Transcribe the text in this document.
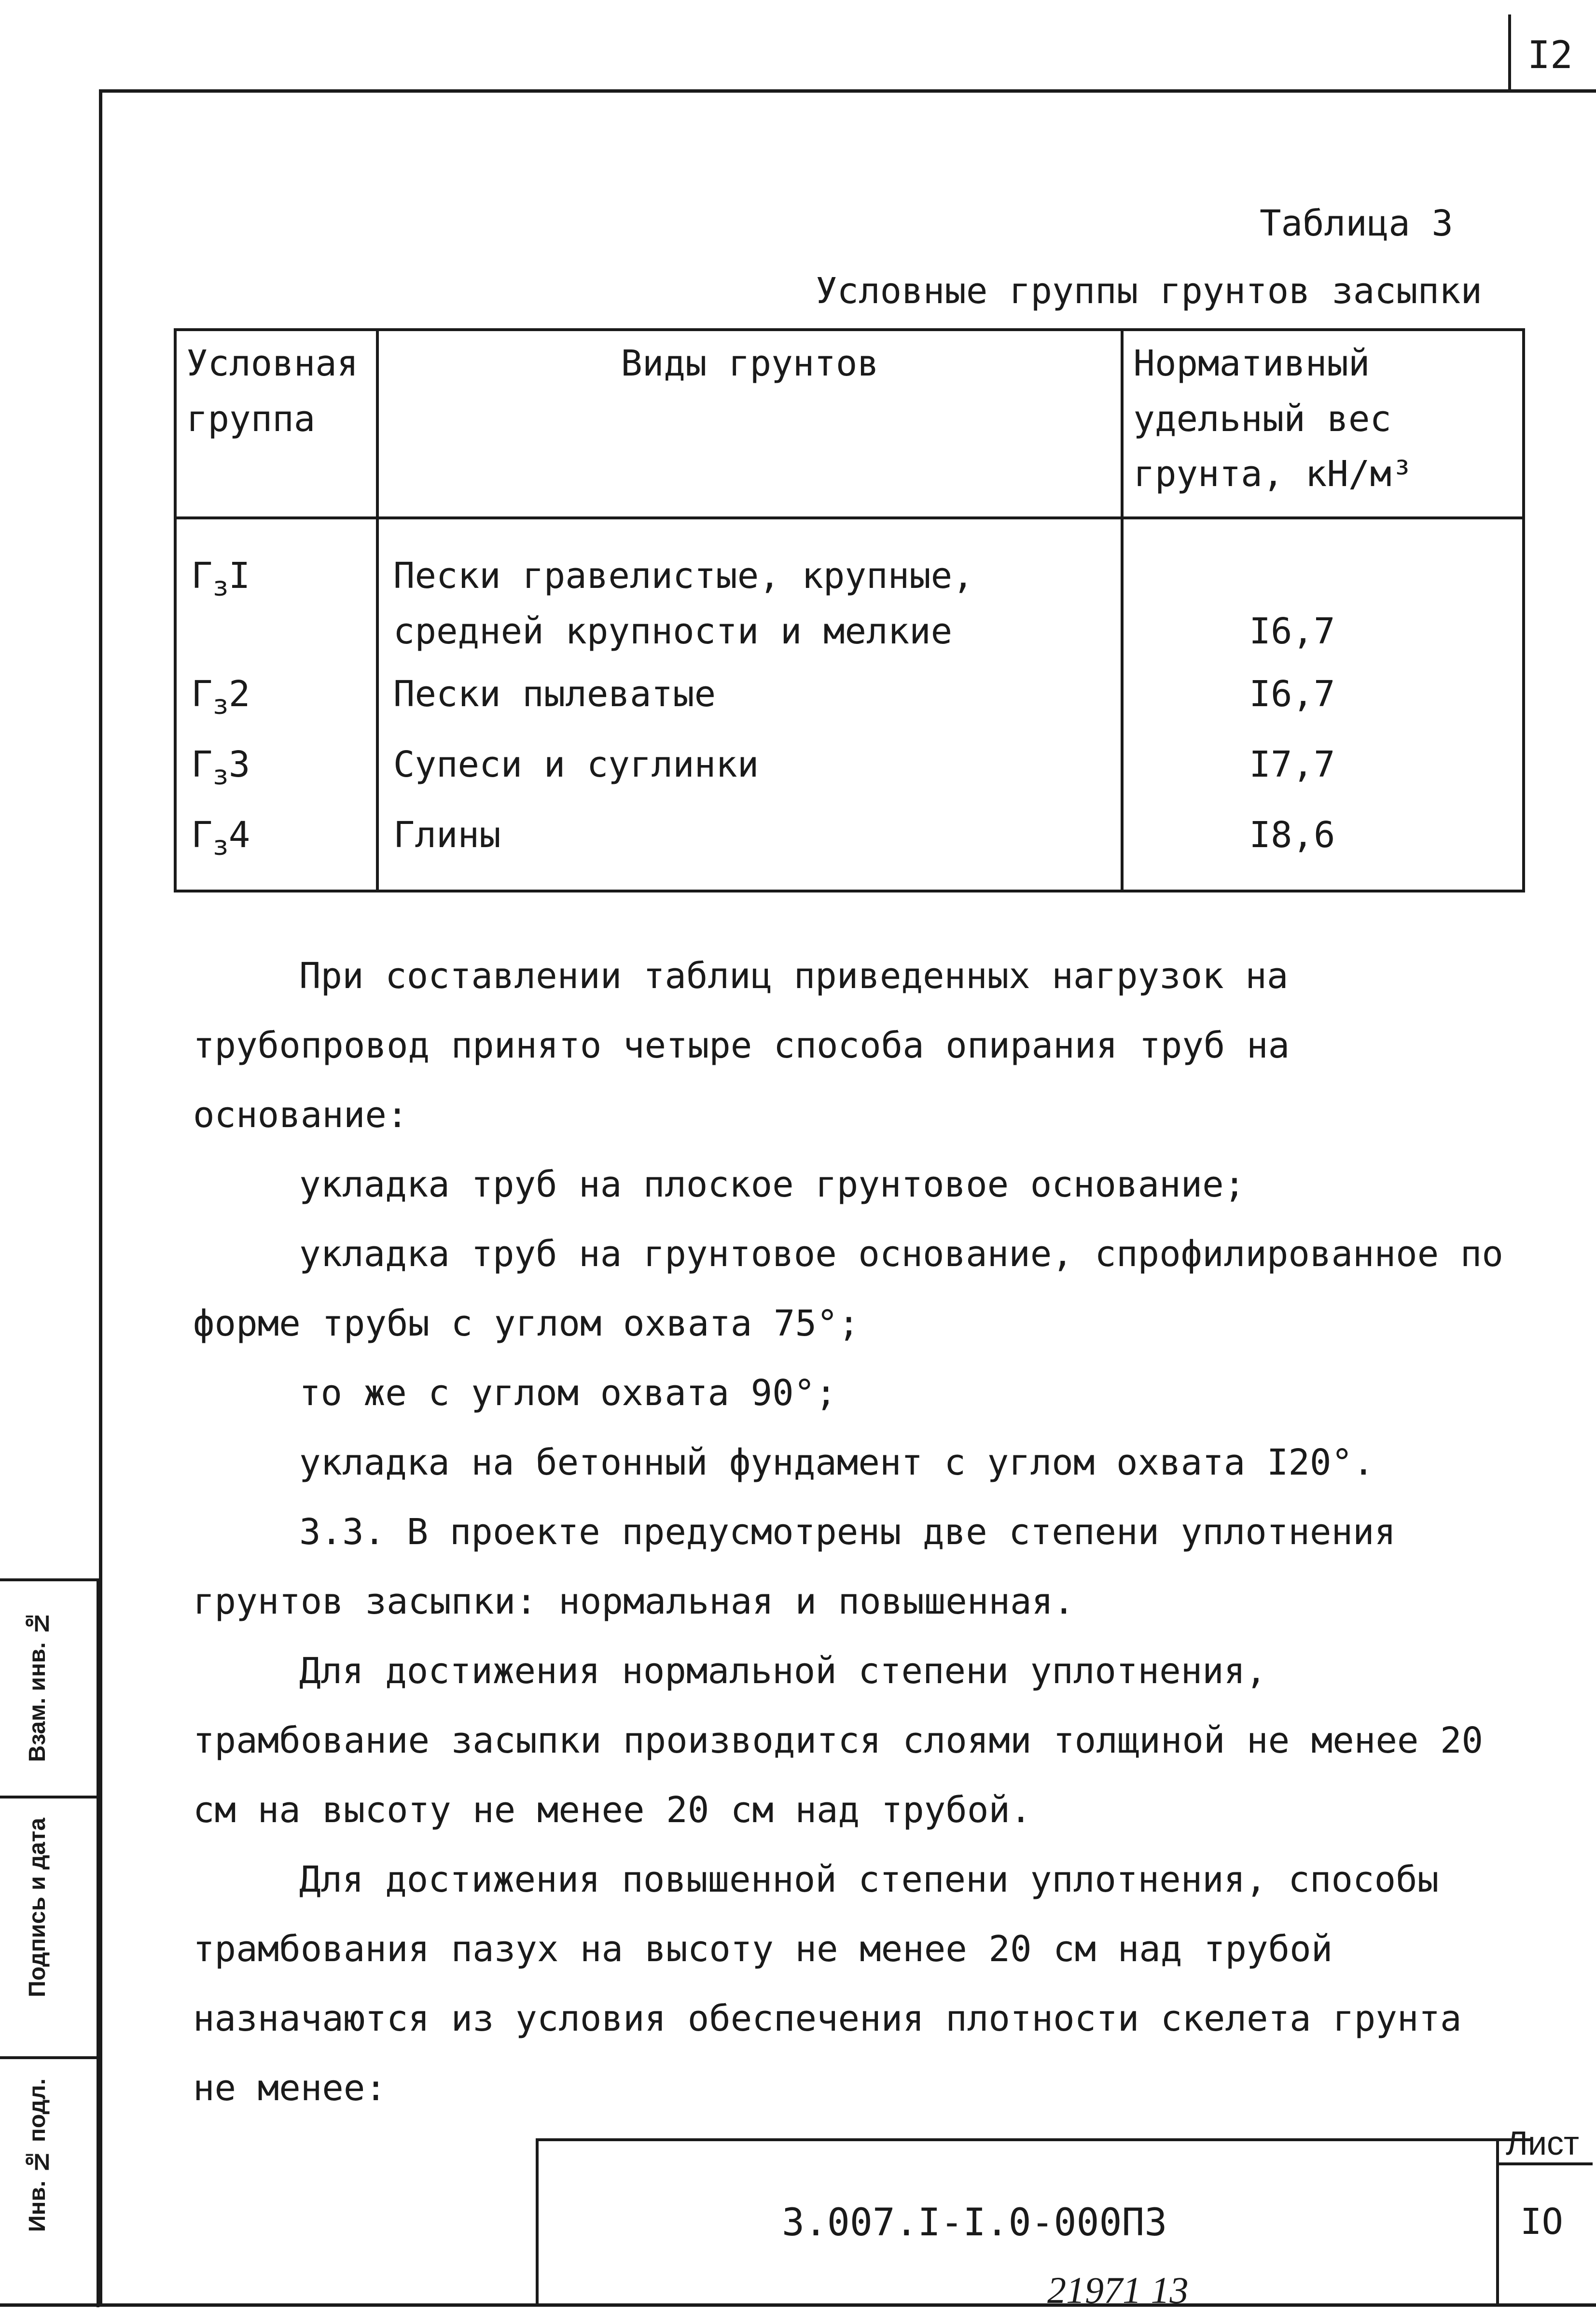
I2
Таблица 3
Условные группы грунтов засыпки
Условная группа	Виды грунтов	Нормативный удельный вес грунта, кН/м³
$Г_зI$	Пески гравелистые, крупные, средней крупности и мелкие	I6,7
$Г_з2$	Пески пылеватые	I6,7
$Г_з3$	Супеси и суглинки	I7,7
$Г_з4$	Глины	I8,6

При составлении таблиц приведенных нагрузок на трубопровод принято четыре способа опирания труб на основание:

укладка труб на плоское грунтовое основание;

укладка труб на грунтовое основание, спрофилированное по форме трубы с углом охвата 75°;

то же с углом охвата 90°;

укладка на бетонный фундамент с углом охвата I20°.

3.3. В проекте предусмотрены две степени уплотнения грунтов засыпки: нормальная и повышенная.

Для достижения нормальной степени уплотнения, трамбование засыпки производится слоями толщиной не менее 20 см на высоту не менее 20 см над трубой.

Для достижения повышенной степени уплотнения, способы трамбования пазух на высоту не менее 20 см над трубой назначаются из условия обеспечения плотности скелета грунта не менее:

Взам. инв. №
Подпись и дата
Инв. № подл.	3.007.I-I.0-000ПЗ
Лист
IO
21971 13
